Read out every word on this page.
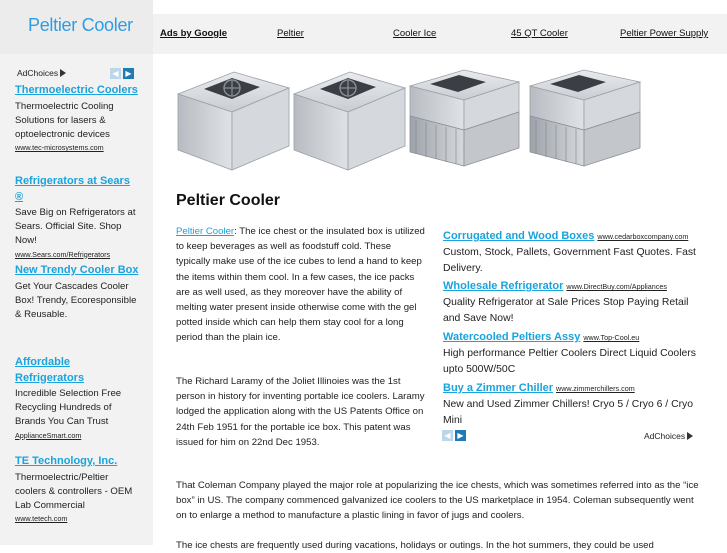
Peltier Cooler	Ads by Google	Peltier	Cooler Ice	45 QT Cooler	Peltier Power Supply
AdChoices	◀ ▶
Thermoelectric Coolers
Thermoelectric Cooling Solutions for lasers & optoelectronic devices
www.tec-microsystems.com
Refrigerators at Sears ®
Save Big on Refrigerators at Sears. Official Site. Shop Now!
www.Sears.com/Refrigerators
New Trendy Cooler Box
Get Your Cascades Cooler Box! Trendy, Ecoresponsible & Reusable.
Affordable Refrigerators
Incredible Selection Free Recycling Hundreds of Brands You Can Trust
ApplianceSmart.com
TE Technology, Inc.
Thermoelectric/Peltier coolers & controllers - OEM Lab Commercial
www.tetech.com
Peltier Cooler
Peltier Cooler: The ice chest or the insulated box is utilized to keep beverages as well as foodstuff cold. These typically make use of the ice cubes to lend a hand to keep the items within them cool. In a few cases, the ice packs are as well used, as they moreover have the ability of melting water present inside otherwise come with the gel potted inside which can help them stay cool for a long period than the plain ice.
The Richard Laramy of the Joliet Illinoies was the 1st person in history for inventing portable ice coolers. Laramy lodged the application along with the US Patents Office on 24th Feb 1951 for the portable ice box. This patent was issued for him on 22nd Dec 1953.
That Coleman Company played the major role at popularizing the ice chests, which was sometimes referred into as the “ice box” in US. The company commenced galvanized ice coolers to the US marketplace in 1954. Coleman subsequently went on to enlarge a method to manufacture a plastic lining in favor of jugs and coolers.
The ice chests are frequently used during vacations, holidays or outings. In the hot summers, they could be used
Corrugated and Wood Boxes www.cedarboxcompany.com
Custom, Stock, Pallets, Government Fast Quotes. Fast Delivery.
Wholesale Refrigerator www.DirectBuy.com/Appliances
Quality Refrigerator at Sale Prices Stop Paying Retail and Save Now!
Watercooled Peltiers Assy www.Top-Cool.eu
High performance Peltier Coolers Direct Liquid Coolers upto 500W/50C
Buy a Zimmer Chiller www.zimmerchillers.com
New and Used Zimmer Chillers! Cryo 5 / Cryo 6 / Cryo Mini
◀ ▶	AdChoices
